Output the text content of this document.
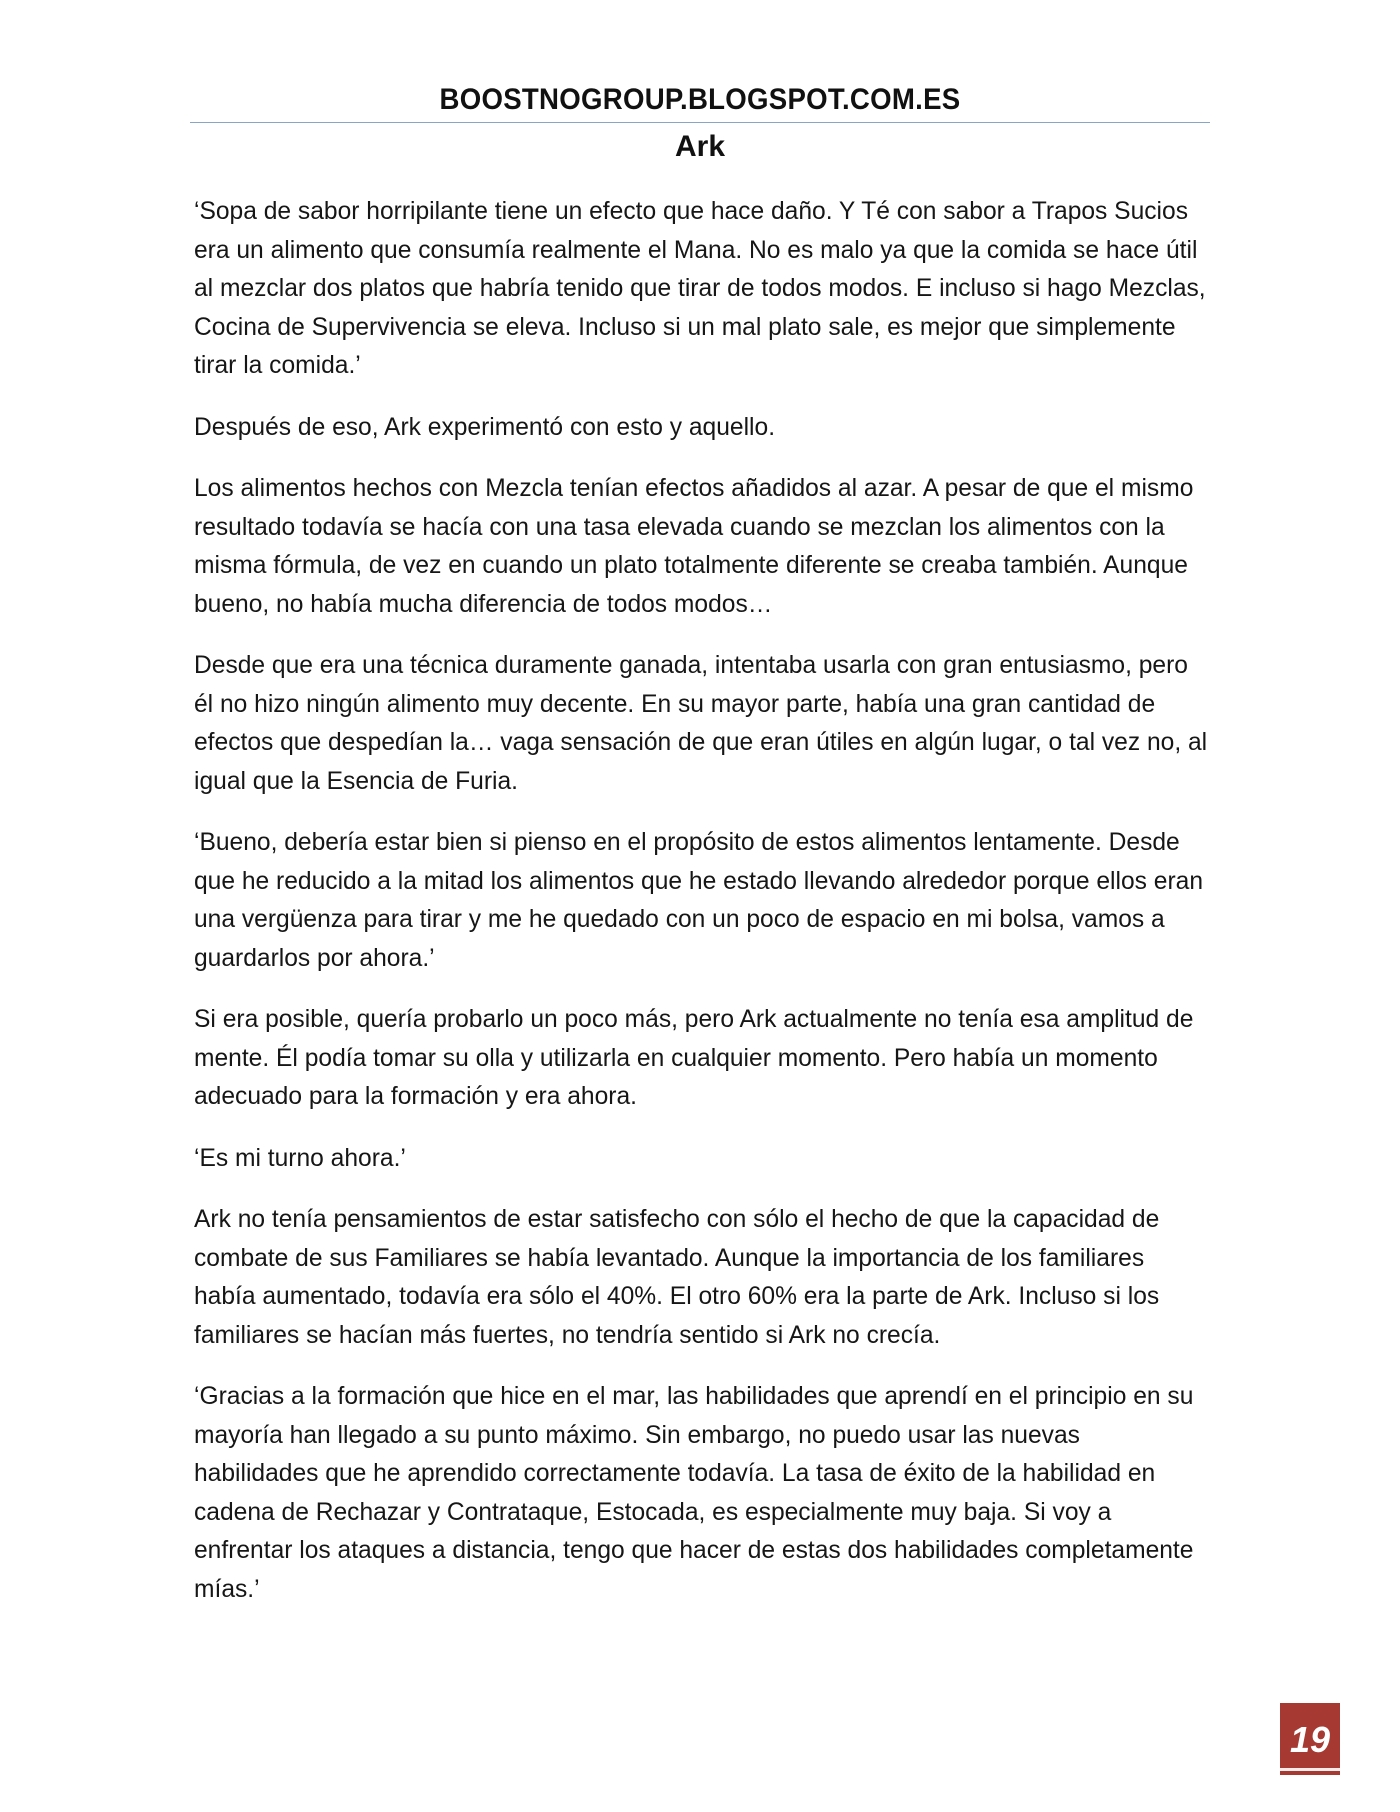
BOOSTNOGROUP.BLOGSPOT.COM.ES
Ark

‘Sopa de sabor horripilante tiene un efecto que hace daño. Y Té con sabor a Trapos Sucios era un alimento que consumía realmente el Mana. No es malo ya que la comida se hace útil al mezclar dos platos que habría tenido que tirar de todos modos. E incluso si hago Mezclas, Cocina de Supervivencia se eleva. Incluso si un mal plato sale, es mejor que simplemente tirar la comida.’

Después de eso, Ark experimentó con esto y aquello.

Los alimentos hechos con Mezcla tenían efectos añadidos al azar. A pesar de que el mismo resultado todavía se hacía con una tasa elevada cuando se mezclan los alimentos con la misma fórmula, de vez en cuando un plato totalmente diferente se creaba también. Aunque bueno, no había mucha diferencia de todos modos…

Desde que era una técnica duramente ganada, intentaba usarla con gran entusiasmo, pero él no hizo ningún alimento muy decente. En su mayor parte, había una gran cantidad de efectos que despedían la… vaga sensación de que eran útiles en algún lugar, o tal vez no, al igual que la Esencia de Furia.

‘Bueno, debería estar bien si pienso en el propósito de estos alimentos lentamente. Desde que he reducido a la mitad los alimentos que he estado llevando alrededor porque ellos eran una vergüenza para tirar y me he quedado con un poco de espacio en mi bolsa, vamos a guardarlos por ahora.’

Si era posible, quería probarlo un poco más, pero Ark actualmente no tenía esa amplitud de mente. Él podía tomar su olla y utilizarla en cualquier momento. Pero había un momento adecuado para la formación y era ahora.

‘Es mi turno ahora.’

Ark no tenía pensamientos de estar satisfecho con sólo el hecho de que la capacidad de combate de sus Familiares se había levantado. Aunque la importancia de los familiares había aumentado, todavía era sólo el 40%. El otro 60% era la parte de Ark. Incluso si los familiares se hacían más fuertes, no tendría sentido si Ark no crecía.

‘Gracias a la formación que hice en el mar, las habilidades que aprendí en el principio en su mayoría han llegado a su punto máximo. Sin embargo, no puedo usar las nuevas habilidades que he aprendido correctamente todavía. La tasa de éxito de la habilidad en cadena de Rechazar y Contrataque, Estocada, es especialmente muy baja. Si voy a enfrentar los ataques a distancia, tengo que hacer de estas dos habilidades completamente mías.’

19
